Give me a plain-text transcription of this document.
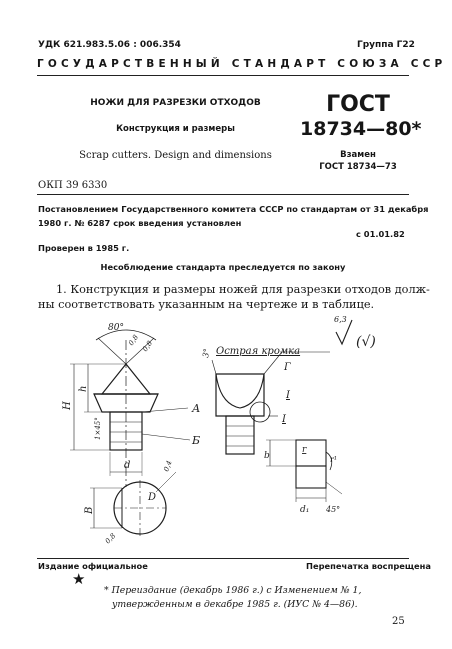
УДК 621.983.5.06 : 006.354	Группа Г22
ГОСУДАРСТВЕННЫЙ СТАНДАРТ СОЮЗА ССР
НОЖИ ДЛЯ РАЗРЕЗКИ ОТХОДОВ
Конструкция и размеры
Scrap cutters. Design and dimensions
ГОСТ
18734—80*
Взамен
ГОСТ 18734—73
ОКП 39 6330
Постановлением Государственного комитета СССР по стандартам от 31 декабря
1980 г. № 6287 срок введения установлен
с 01.01.82
Проверен в 1985 г.
Несоблюдение стандарта преследуется по закону
1. Конструкция и размеры ножей для разрезки отходов долж-
ны соответствовать указанным на чертеже и в таблице.
80°
0,8 0,8	3° Острая кромка
6,3
(√)
Г
I
I
А
Б
h
H
1×45°
d
D
B
0,8
0,4
b
r
r¹
d₁ 45°
Издание официальное	Перепечатка воспрещена
★
* Переиздание (декабрь 1986 г.) с Изменением № 1,
утвержденным в декабре 1985 г. (ИУС № 4—86).
25
